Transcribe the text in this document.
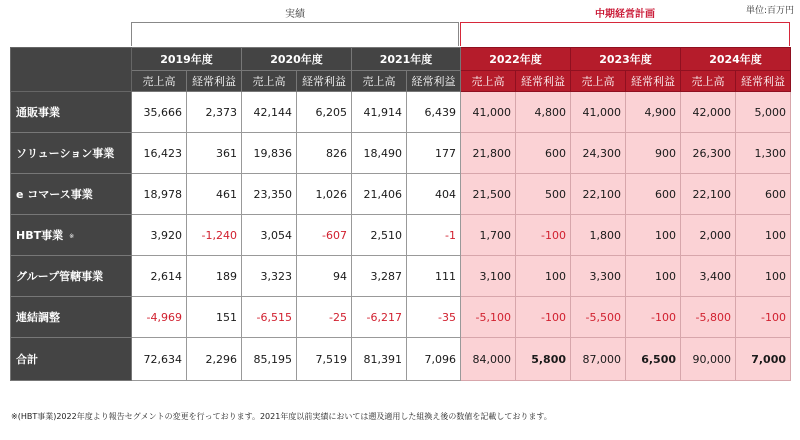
単位:百万円
実績	中期経営計画
	2019年度		2020年度		2021年度		2022年度		2023年度		2024年度	
	売上高	経常利益	売上高	経常利益	売上高	経常利益	売上高	経常利益	売上高	経常利益	売上高	経常利益
通販事業	35,666	2,373	42,144	6,205	41,914	6,439	41,000	4,800	41,000	4,900	42,000	5,000
ソリューション事業	16,423	361	19,836	826	18,490	177	21,800	600	24,300	900	26,300	1,300
e コマース事業	18,978	461	23,350	1,026	21,406	404	21,500	500	22,100	600	22,100	600
HBT事業 ※	3,920	-1,240	3,054	-607	2,510	-1	1,700	-100	1,800	100	2,000	100
グループ管轄事業	2,614	189	3,323	94	3,287	111	3,100	100	3,300	100	3,400	100
連結調整	-4,969	151	-6,515	-25	-6,217	-35	-5,100	-100	-5,500	-100	-5,800	-100
合計	72,634	2,296	85,195	7,519	81,391	7,096	84,000	5,800	87,000	6,500	90,000	7,000
※(HBT事業)2022年度より報告セグメントの変更を行っております。2021年度以前実績においては遡及適用した組換え後の数値を記載しております。
